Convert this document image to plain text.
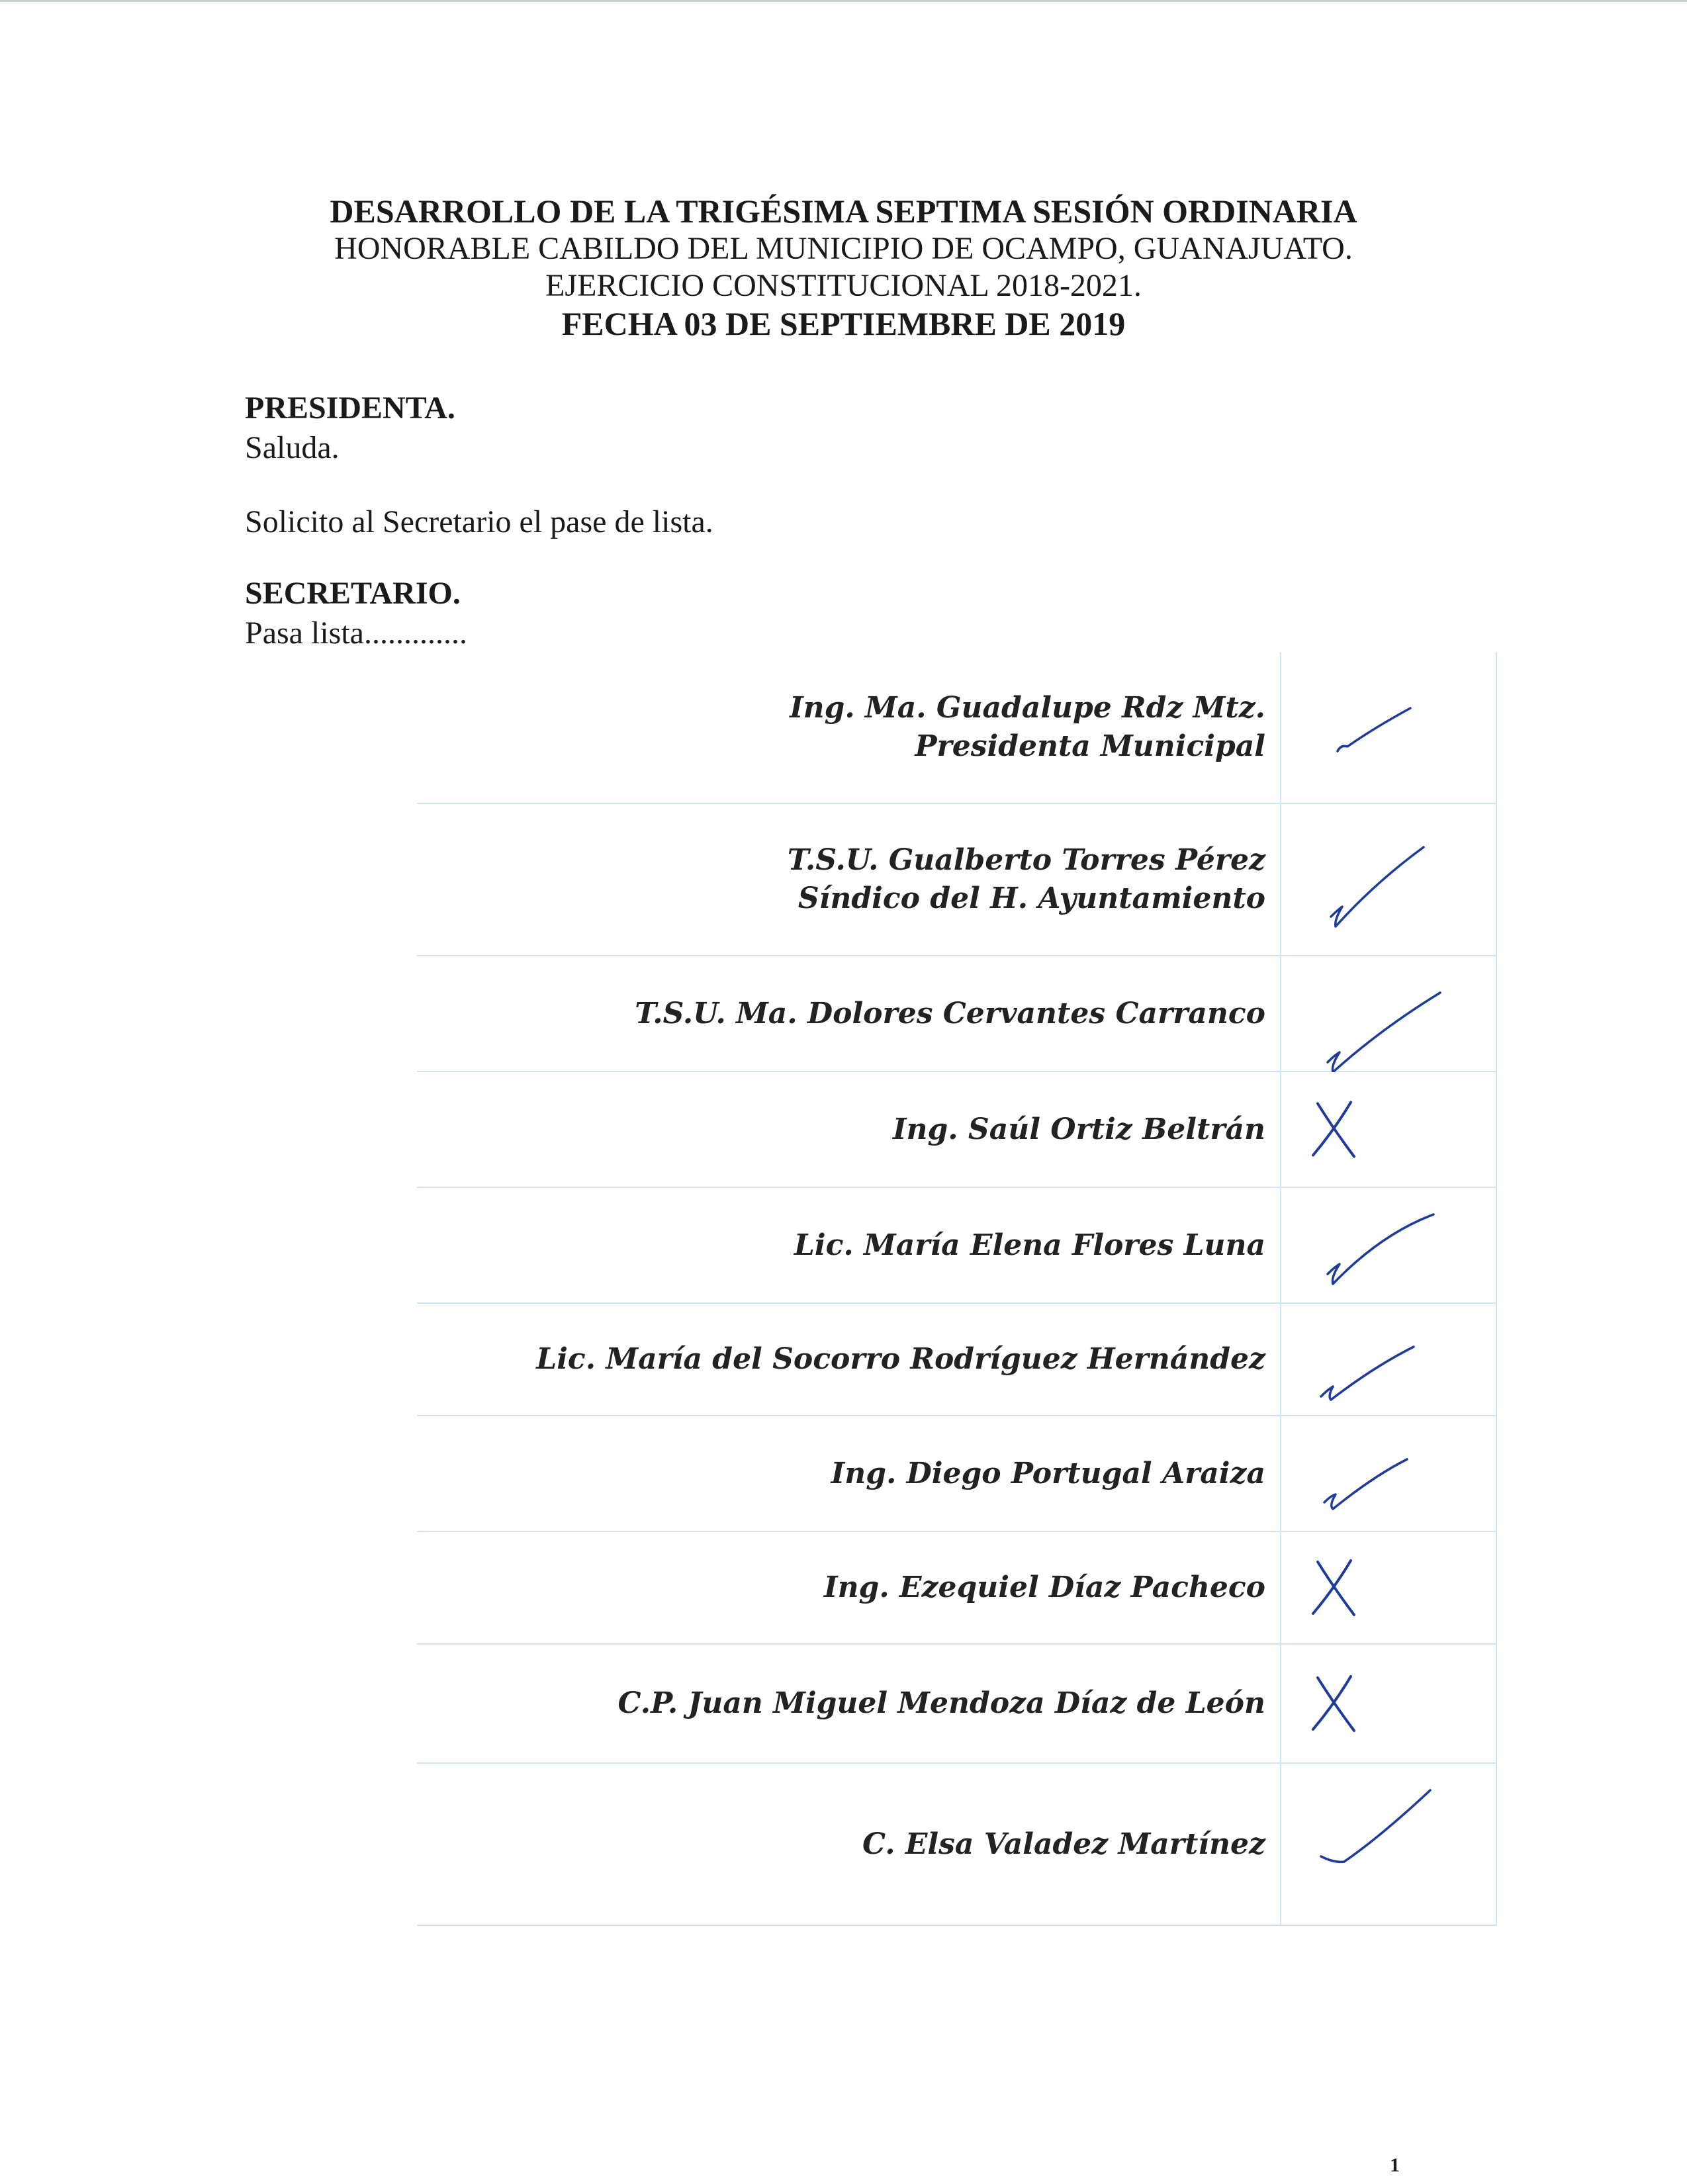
DESARROLLO DE LA TRIGÉSIMA SEPTIMA SESIÓN ORDINARIA
HONORABLE CABILDO DEL MUNICIPIO DE OCAMPO, GUANAJUATO.
EJERCICIO CONSTITUCIONAL 2018-2021.
FECHA 03 DE SEPTIEMBRE DE 2019
PRESIDENTA.
Saluda.
Solicito al Secretario el pase de lista.
SECRETARIO.
Pasa lista.............
Ing. Ma. Guadalupe Rdz Mtz.
Presidenta Municipal
T.S.U. Gualberto Torres Pérez
Síndico del H. Ayuntamiento
T.S.U. Ma. Dolores Cervantes Carranco
Ing. Saúl Ortiz Beltrán
Lic. María Elena Flores Luna
Lic. María del Socorro Rodríguez Hernández
Ing. Diego Portugal Araiza
Ing. Ezequiel Díaz Pacheco
C.P. Juan Miguel Mendoza Díaz de León
C. Elsa Valadez Martínez
1
